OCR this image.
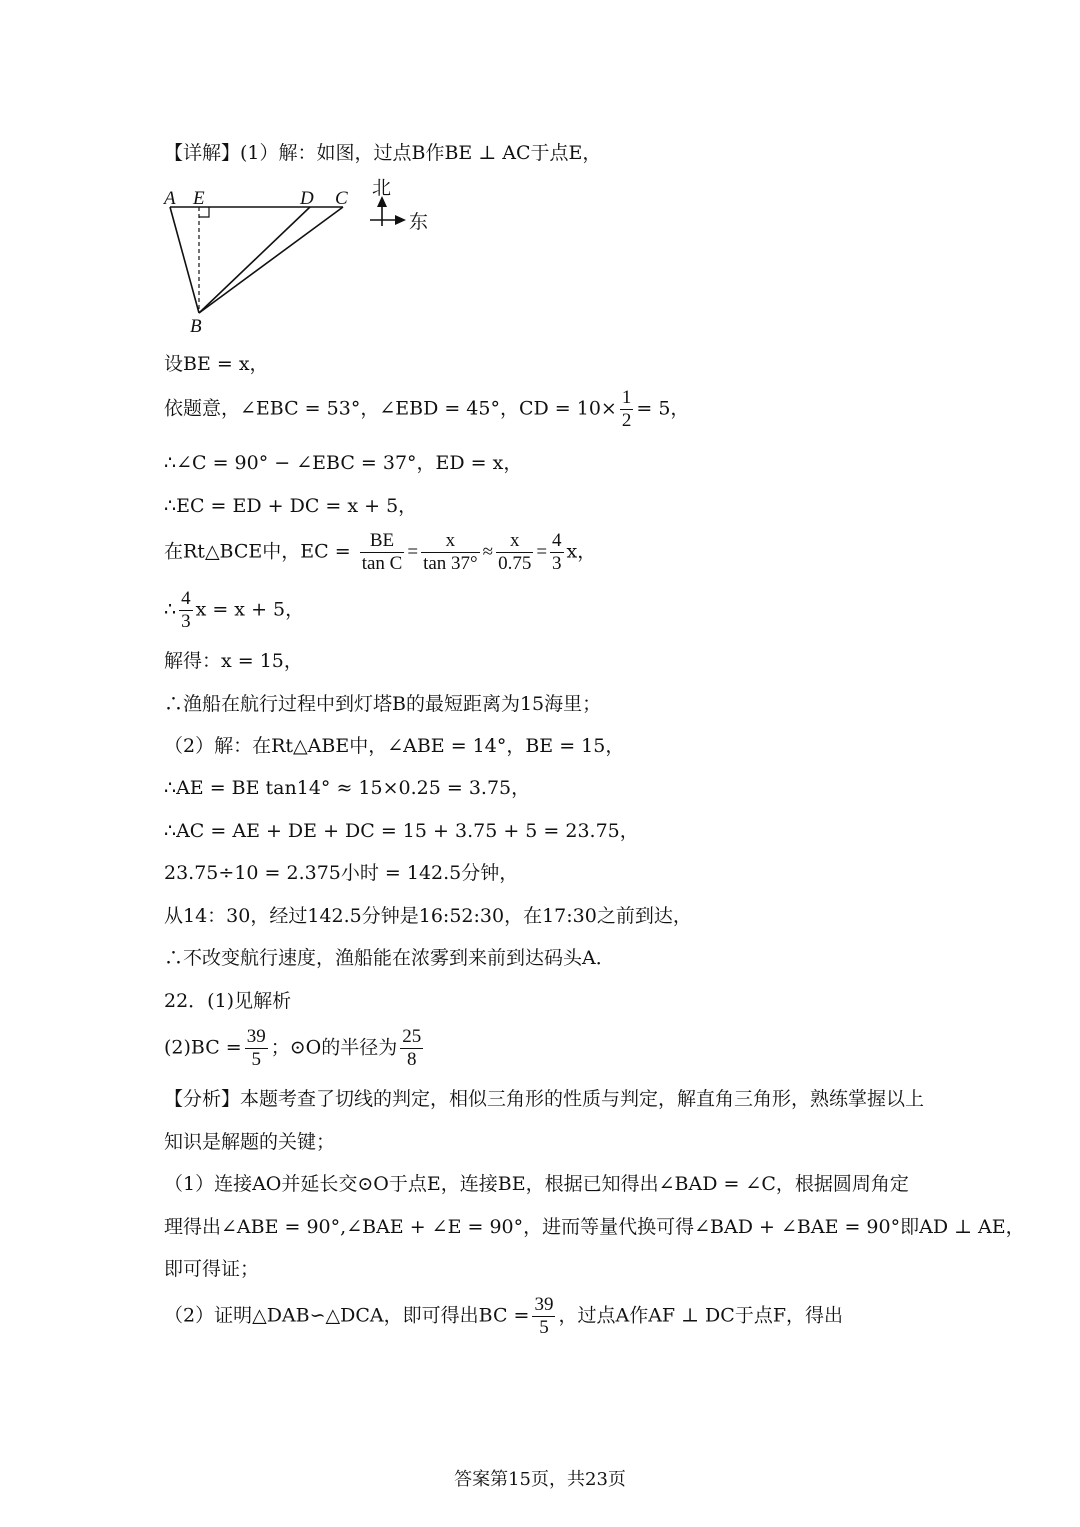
【详解】(1）解：如图，过点B作BE ⊥ AC于点E，
A E	D C
B
北
东
设BE = x，
依题意，∠EBC = 53°，∠EBD = 45°，CD = $10\times \frac{1}{2} = 5$，
∴∠C = 90° − ∠EBC = 37°，ED = x，
∴EC = ED + DC = x + 5，
在Rt△BCE中，EC = $\frac{BE}{\text{tan C}} = \frac{x}{\tan 37^\circ} \approx \frac{x}{0.75} = \frac{4}{3}$ x，
∴ $\frac{4}{3}$ x = x + 5，
解得：x = 15，
∴渔船在航行过程中到灯塔B的最短距离为15海里；
（2）解：在Rt△ABE中，∠ABE = 14°，BE = 15，
∴AE = BE tan14° ≈ 15×0.25 = 3.75，
∴AC = AE + DE + DC = 15 + 3.75 + 5 = 23.75，
23.75÷10 = 2.375小时 = 142.5分钟，
从14：30，经过142.5分钟是16:52:30，在17:30之前到达，
∴不改变航行速度，渔船能在浓雾到来前到达码头A．
22．(1)见解析
$(2)BC = \frac{39}{5}$ ；⊙O的半径为 $\frac{25}{8}$
【分析】本题考查了切线的判定，相似三角形的性质与判定，解直角三角形，熟练掌握以上
知识是解题的关键；
（1）连接AO并延长交⊙O于点E，连接BE，根据已知得出∠BAD = ∠C，根据圆周角定
理得出∠ABE = 90°,∠BAE + ∠E = 90°，进而等量代换可得∠BAD + ∠BAE = 90°即AD ⊥ AE，
即可得证；
（2）证明△DAB∽△DCA，即可得出BC = $\frac{39}{5}$ ，过点A作AF ⊥ DC于点F，得出
答案第15页，共23页
